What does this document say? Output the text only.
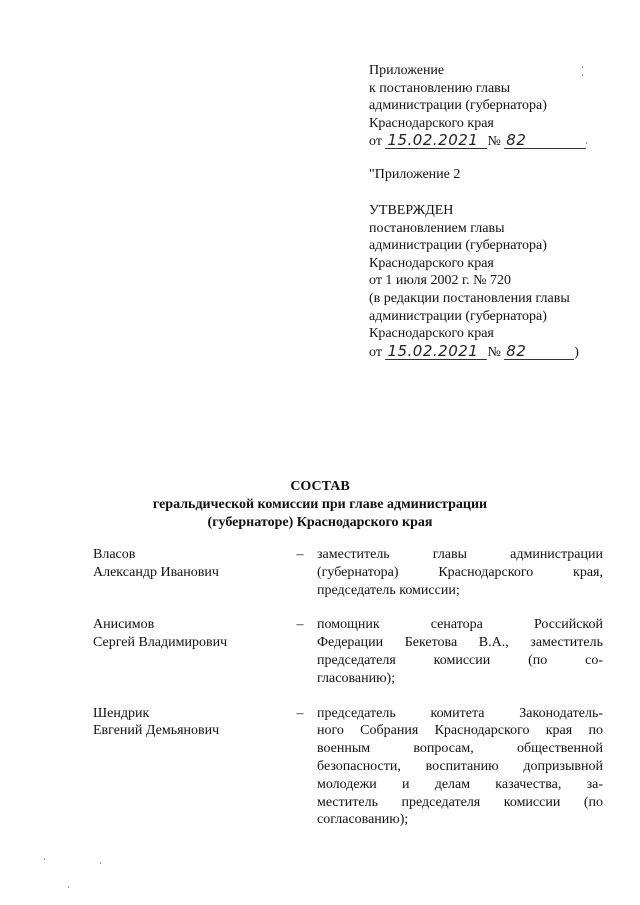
Приложение
к постановлению главы
администрации (губернатора)
Краснодарского края
от 15.02.2021 № 82
"Приложение 2
УТВЕРЖДЕН
постановлением главы
администрации (губернатора)
Краснодарского края
от 1 июля 2002 г. № 720
(в редакции постановления главы
администрации (губернатора)
Краснодарского края
от 15.02.2021 № 82	)
СОСТАВ
геральдической комиссии при главе администрации
(губернаторе) Краснодарского края
Власов
Александр Иванович
– заместитель главы администрации

(губернатора) Краснодарского края,

председатель комиссии;

Анисимов
Сергей Владимирович
– помощник сенатора Российской

Федерации Бекетова В.А., заместитель

председателя комиссии (по со-

гласованию);

Шендрик
Евгений Демьянович
– председатель комитета Законодатель-

ного Собрания Краснодарского края по

военным вопросам, общественной

безопасности, воспитанию допризывной

молодежи и делам казачества, за-

меститель председателя комиссии (по

согласованию);
